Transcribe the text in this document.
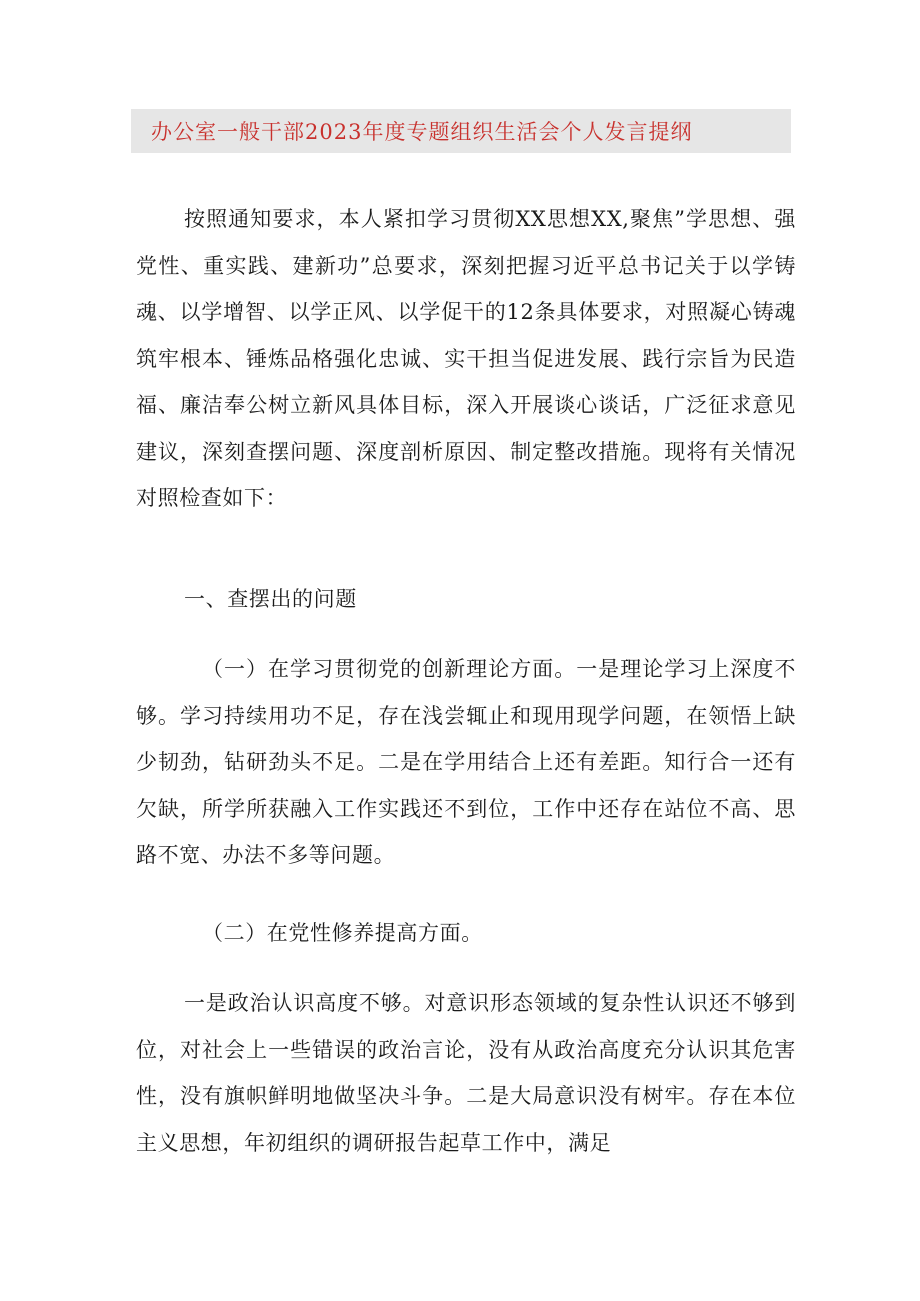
办公室一般干部2023年度专题组织生活会个人发言提纲

按照通知要求，本人紧扣学习贯彻XX思想XX,聚焦”学思想、强党性、重实践、建新功”总要求，深刻把握习近平总书记关于以学铸魂、以学增智、以学正风、以学促干的12条具体要求，对照凝心铸魂筑牢根本、锤炼品格强化忠诚、实干担当促进发展、践行宗旨为民造福、廉洁奉公树立新风具体目标，深入开展谈心谈话，广泛征求意见建议，深刻查摆问题、深度剖析原因、制定整改措施。现将有关情况对照检查如下：

一、查摆出的问题

（一）在学习贯彻党的创新理论方面。一是理论学习上深度不够。学习持续用功不足，存在浅尝辄止和现用现学问题，在领悟上缺少韧劲，钻研劲头不足。二是在学用结合上还有差距。知行合一还有欠缺，所学所获融入工作实践还不到位，工作中还存在站位不高、思路不宽、办法不多等问题。

（二）在党性修养提高方面。

一是政治认识高度不够。对意识形态领域的复杂性认识还不够到位，对社会上一些错误的政治言论，没有从政治高度充分认识其危害性，没有旗帜鲜明地做坚决斗争。二是大局意识没有树牢。存在本位主义思想，年初组织的调研报告起草工作中，满足
